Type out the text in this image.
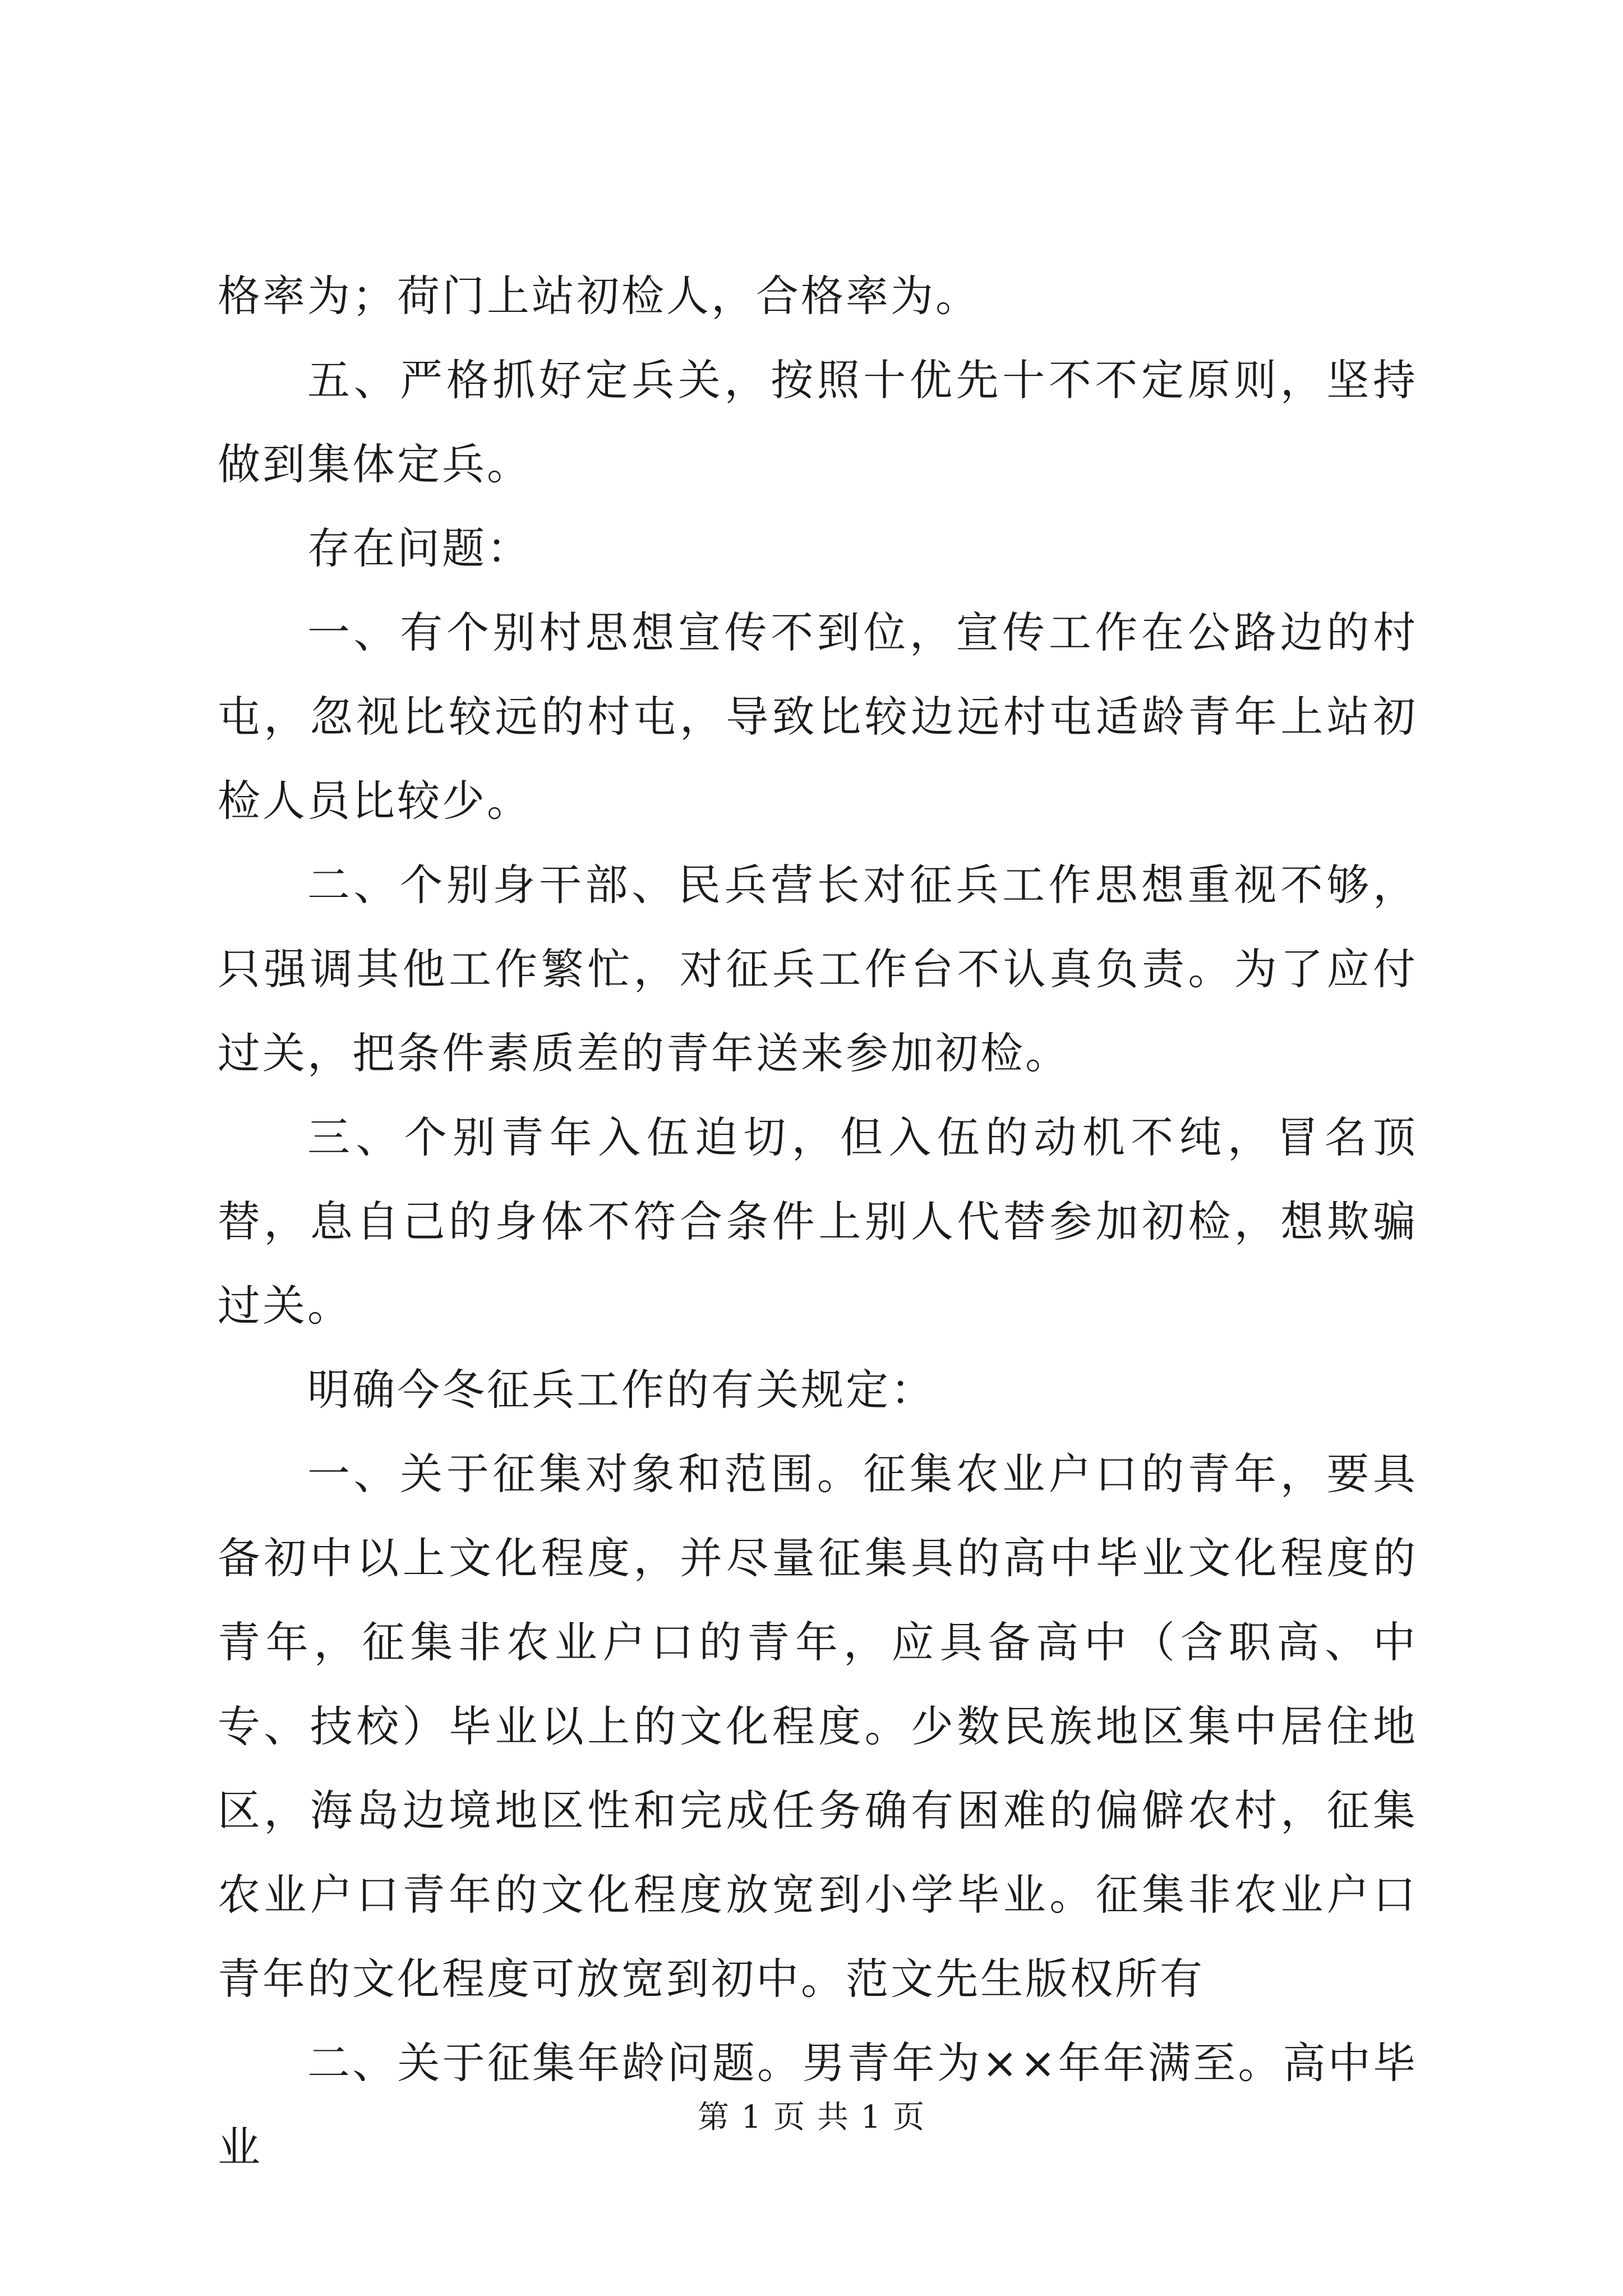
格率为；荷门上站初检人，合格率为。

五、严格抓好定兵关，按照十优先十不不定原则，坚持做到集体定兵。

存在问题：

一、有个别村思想宣传不到位，宣传工作在公路边的村屯，忽视比较远的村屯，导致比较边远村屯适龄青年上站初检人员比较少。

二、个别身干部、民兵营长对征兵工作思想重视不够，只强调其他工作繁忙，对征兵工作台不认真负责。为了应付过关，把条件素质差的青年送来参加初检。

三、个别青年入伍迫切，但入伍的动机不纯，冒名顶替，息自己的身体不符合条件上别人代替参加初检，想欺骗过关。

明确今冬征兵工作的有关规定：

一、关于征集对象和范围。征集农业户口的青年，要具备初中以上文化程度，并尽量征集具的高中毕业文化程度的青年，征集非农业户口的青年，应具备高中（含职高、中专、技校）毕业以上的文化程度。少数民族地区集中居住地区，海岛边境地区性和完成任务确有困难的偏僻农村，征集农业户口青年的文化程度放宽到小学毕业。征集非农业户口青年的文化程度可放宽到初中。范文先生版权所有

二、关于征集年龄问题。男青年为××年年满至。高中毕业

第 1 页 共 1 页
